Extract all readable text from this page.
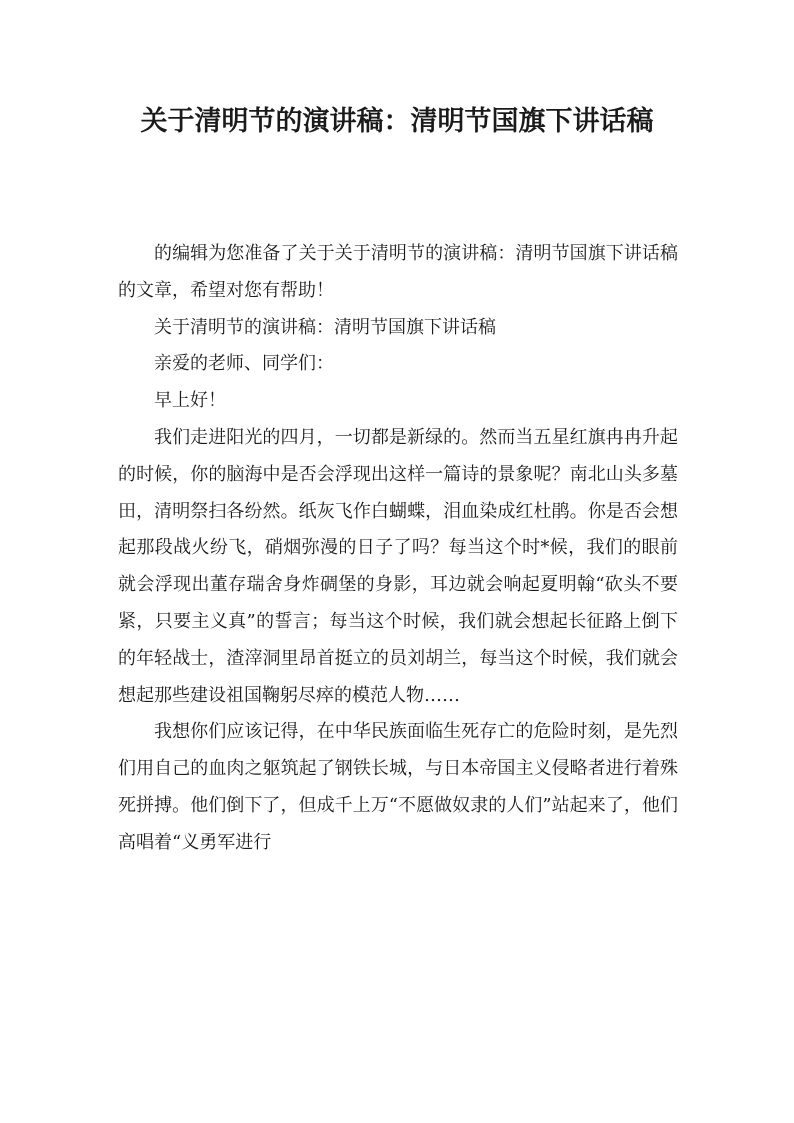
关于清明节的演讲稿：清明节国旗下讲话稿

的编辑为您准备了关于关于清明节的演讲稿：清明节国旗下讲话稿的文章，希望对您有帮助！

关于清明节的演讲稿：清明节国旗下讲话稿

亲爱的老师、同学们：

早上好！

我们走进阳光的四月，一切都是新绿的。然而当五星红旗冉冉升起的时候，你的脑海中是否会浮现出这样一篇诗的景象呢？南北山头多墓田，清明祭扫各纷然。纸灰飞作白蝴蝶，泪血染成红杜鹃。你是否会想起那段战火纷飞，硝烟弥漫的日子了吗？每当这个时*候，我们的眼前就会浮现出董存瑞舍身炸碉堡的身影，耳边就会响起夏明翰“砍头不要紧，只要主义真”的誓言；每当这个时候，我们就会想起长征路上倒下的年轻战士，渣滓洞里昂首挺立的员刘胡兰，每当这个时候，我们就会想起那些建设祖国鞠躬尽瘁的模范人物……

我想你们应该记得，在中华民族面临生死存亡的危险时刻，是先烈们用自己的血肉之躯筑起了钢铁长城，与日本帝国主义侵略者进行着殊死拼搏。他们倒下了，但成千上万“不愿做奴隶的人们”站起来了，他们高唱着“义勇军进行
